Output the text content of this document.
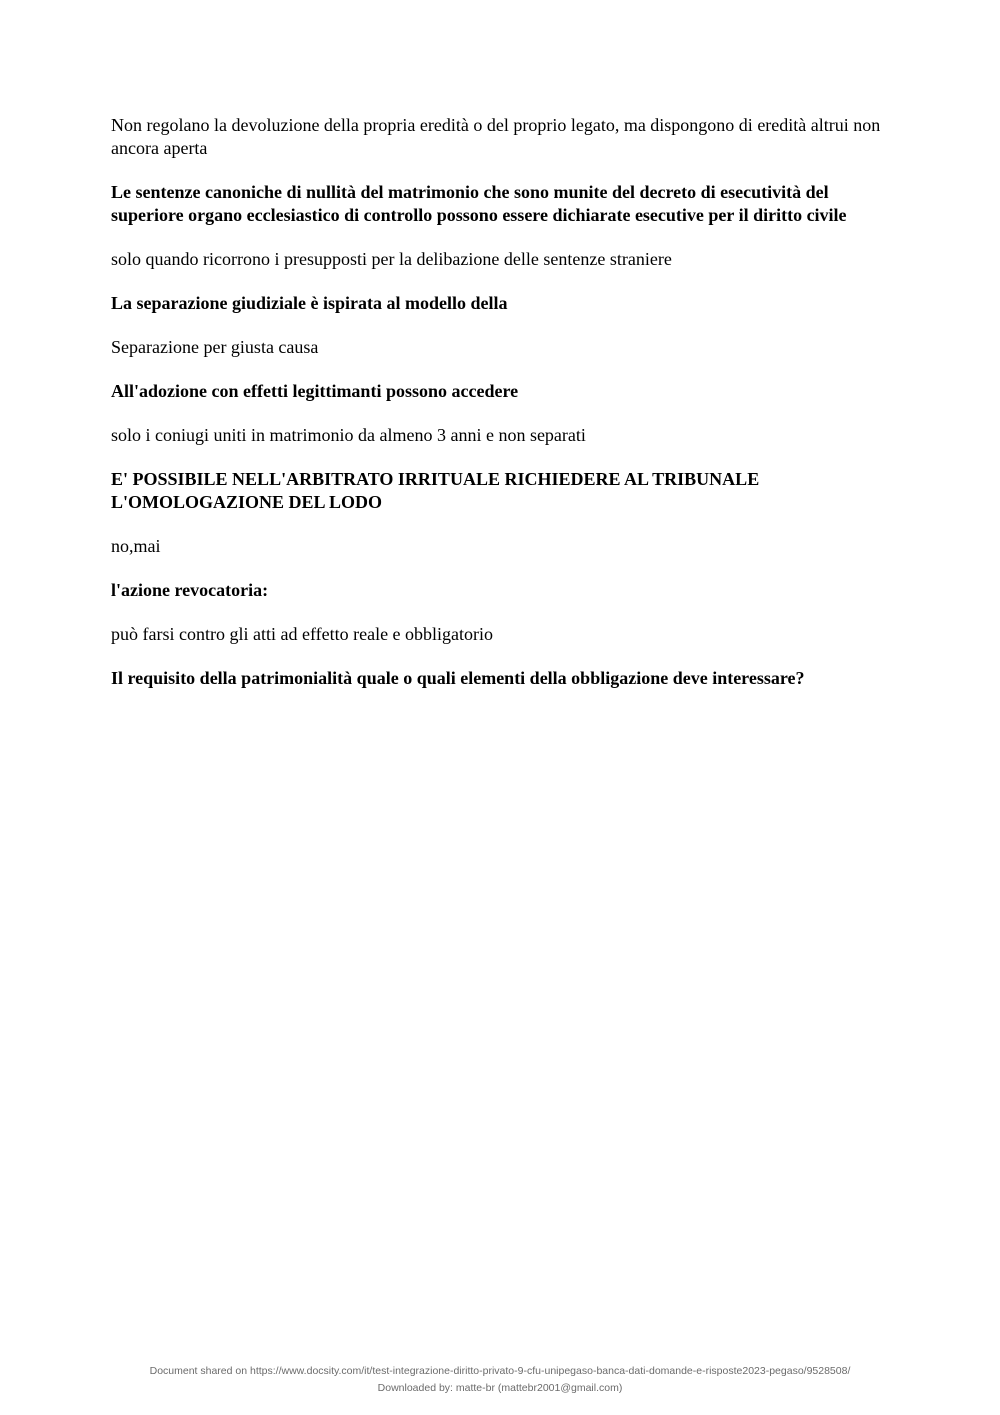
Non regolano la devoluzione della propria eredità o del proprio legato, ma dispongono di eredità altrui non ancora aperta

Le sentenze canoniche di nullità del matrimonio che sono munite del decreto di esecutività del superiore organo ecclesiastico di controllo possono essere dichiarate esecutive per il diritto civile

solo quando ricorrono i presupposti per la delibazione delle sentenze straniere

La separazione giudiziale è ispirata al modello della

Separazione per giusta causa

All'adozione con effetti legittimanti possono accedere

solo i coniugi uniti in matrimonio da almeno 3 anni e non separati

E' POSSIBILE NELL'ARBITRATO IRRITUALE RICHIEDERE AL TRIBUNALE L'OMOLOGAZIONE DEL LODO

no,mai

l'azione revocatoria:

può farsi contro gli atti ad effetto reale e obbligatorio

Il requisito della patrimonialità quale o quali elementi della obbligazione deve interessare?

Document shared on https://www.docsity.com/it/test-integrazione-diritto-privato-9-cfu-unipegaso-banca-dati-domande-e-risposte2023-pegaso/9528508/
Downloaded by: matte-br (mattebr2001@gmail.com)
